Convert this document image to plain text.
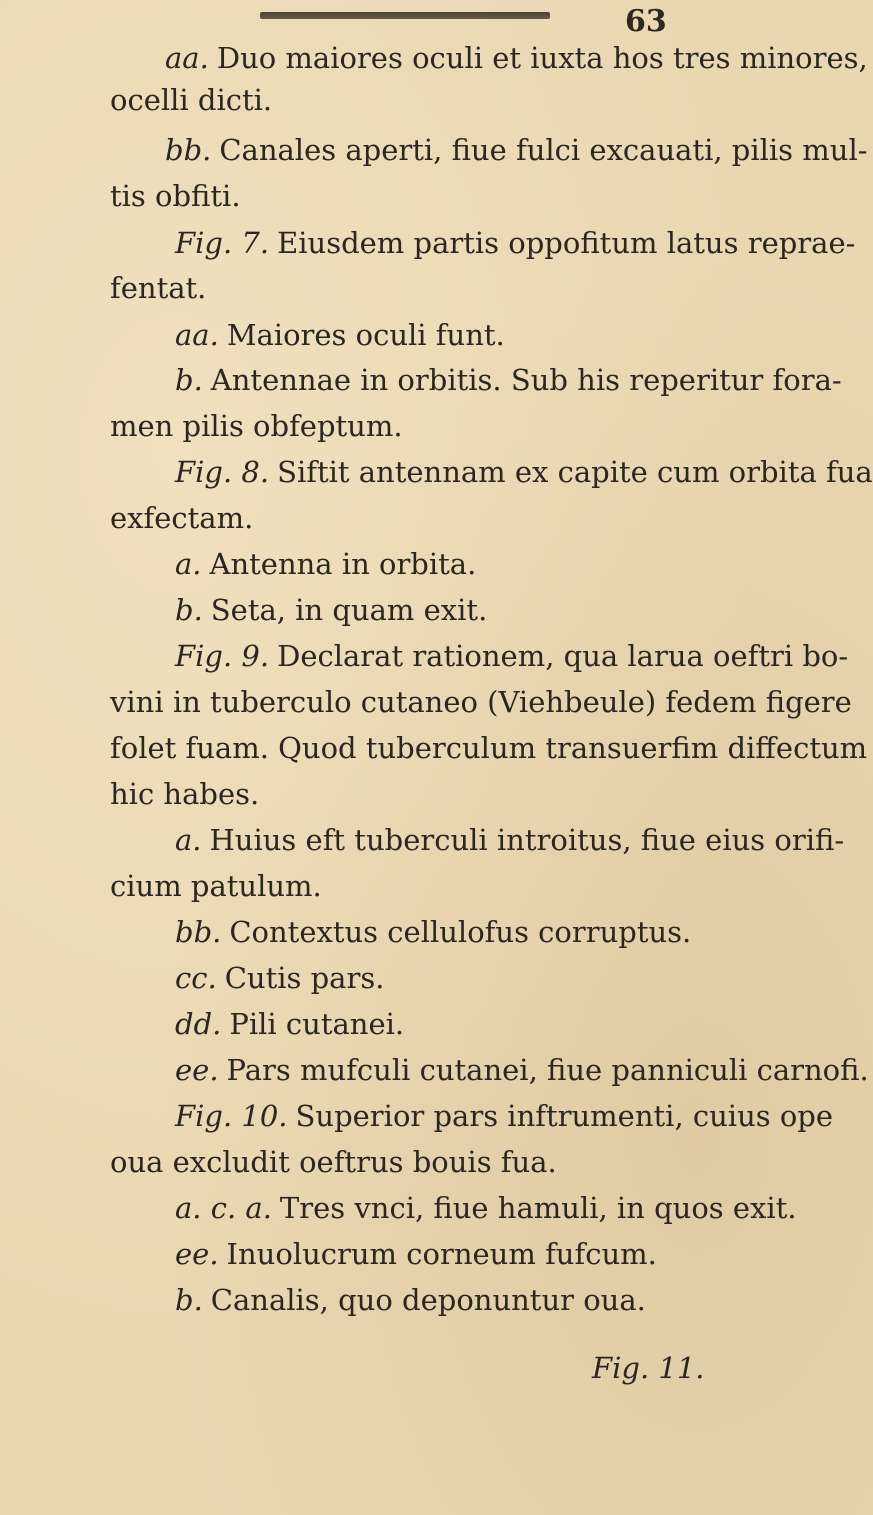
63
aa. Duo maiores oculi et iuxta hos tres minores,
ocelli dicti.
bb. Canales aperti, fiue fulci excauati, pilis mul-
tis obfiti.
Fig. 7. Eiusdem partis oppofitum latus reprae-
fentat.
aa. Maiores oculi funt.
b. Antennae in orbitis. Sub his reperitur fora-
men pilis obfeptum.
Fig. 8. Siftit antennam ex capite cum orbita fua
exfectam.
a. Antenna in orbita.
b. Seta, in quam exit.
Fig. 9. Declarat rationem, qua larua oeftri bo-
vini in tuberculo cutaneo (Viehbeule) fedem figere
folet fuam. Quod tuberculum transuerfim diffectum
hic habes.
a. Huius eft tuberculi introitus, fiue eius orifi-
cium patulum.
bb. Contextus cellulofus corruptus.
cc. Cutis pars.
dd. Pili cutanei.
ee. Pars mufculi cutanei, fiue panniculi carnofi.
Fig. 10. Superior pars inftrumenti, cuius ope
oua excludit oeftrus bouis fua.
a. c. a. Tres vnci, fiue hamuli, in quos exit.
ee. Inuolucrum corneum fufcum.
b. Canalis, quo deponuntur oua.
Fig. 11.
